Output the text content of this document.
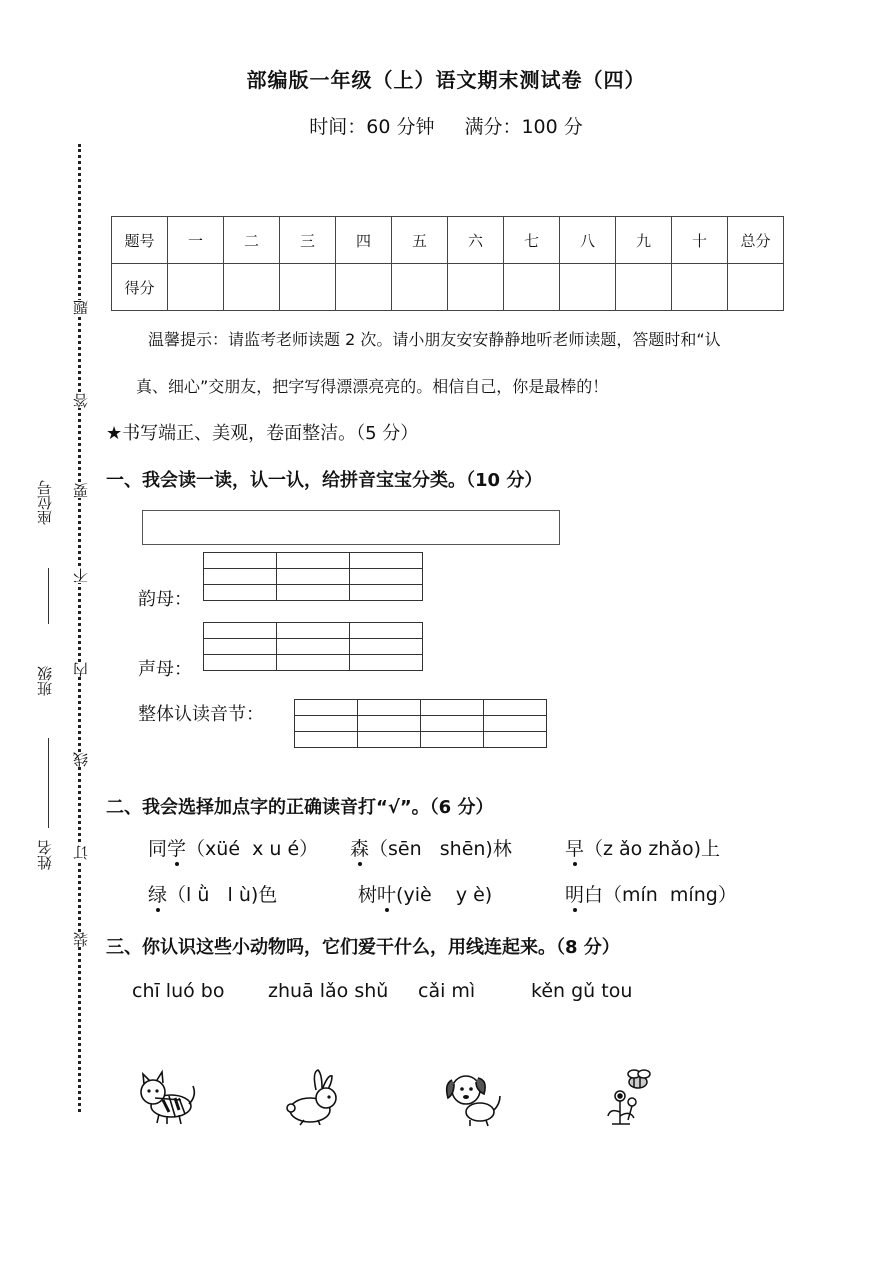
部编版一年级（上）语文期末测试卷（四）
时间：60 分钟 满分：100 分
题
答
要
不
内
线
订
装
座位号
班级
姓名
题号	一	二	三	四	五	六	七	八	九	十	总分
得分											
温馨提示：请监考老师读题 2 次。请小朋友安安静静地听老师读题，答题时和“认
真、细心”交朋友，把字写得漂漂亮亮的。相信自己，你是最棒的！
★书写端正、美观，卷面整洁。（5 分）
一、我会读一读，认一认，给拼音宝宝分类。（10 分）
韵母：

声母：

整体认读音节：

二、我会选择加点字的正确读音打“√”。（6 分）
同学（xüé  x u é） 森（sēn   shēn)林	早（z ǎo zhǎo)上
绿（l ǜ   l ù)色	树叶(yiè    y è)	明白（mín  míng）
三、你认识这些小动物吗，它们爱干什么，用线连起来。（8 分）
chī luó bo zhuā lǎo shǔ cǎi mì	kěn gǔ tou
